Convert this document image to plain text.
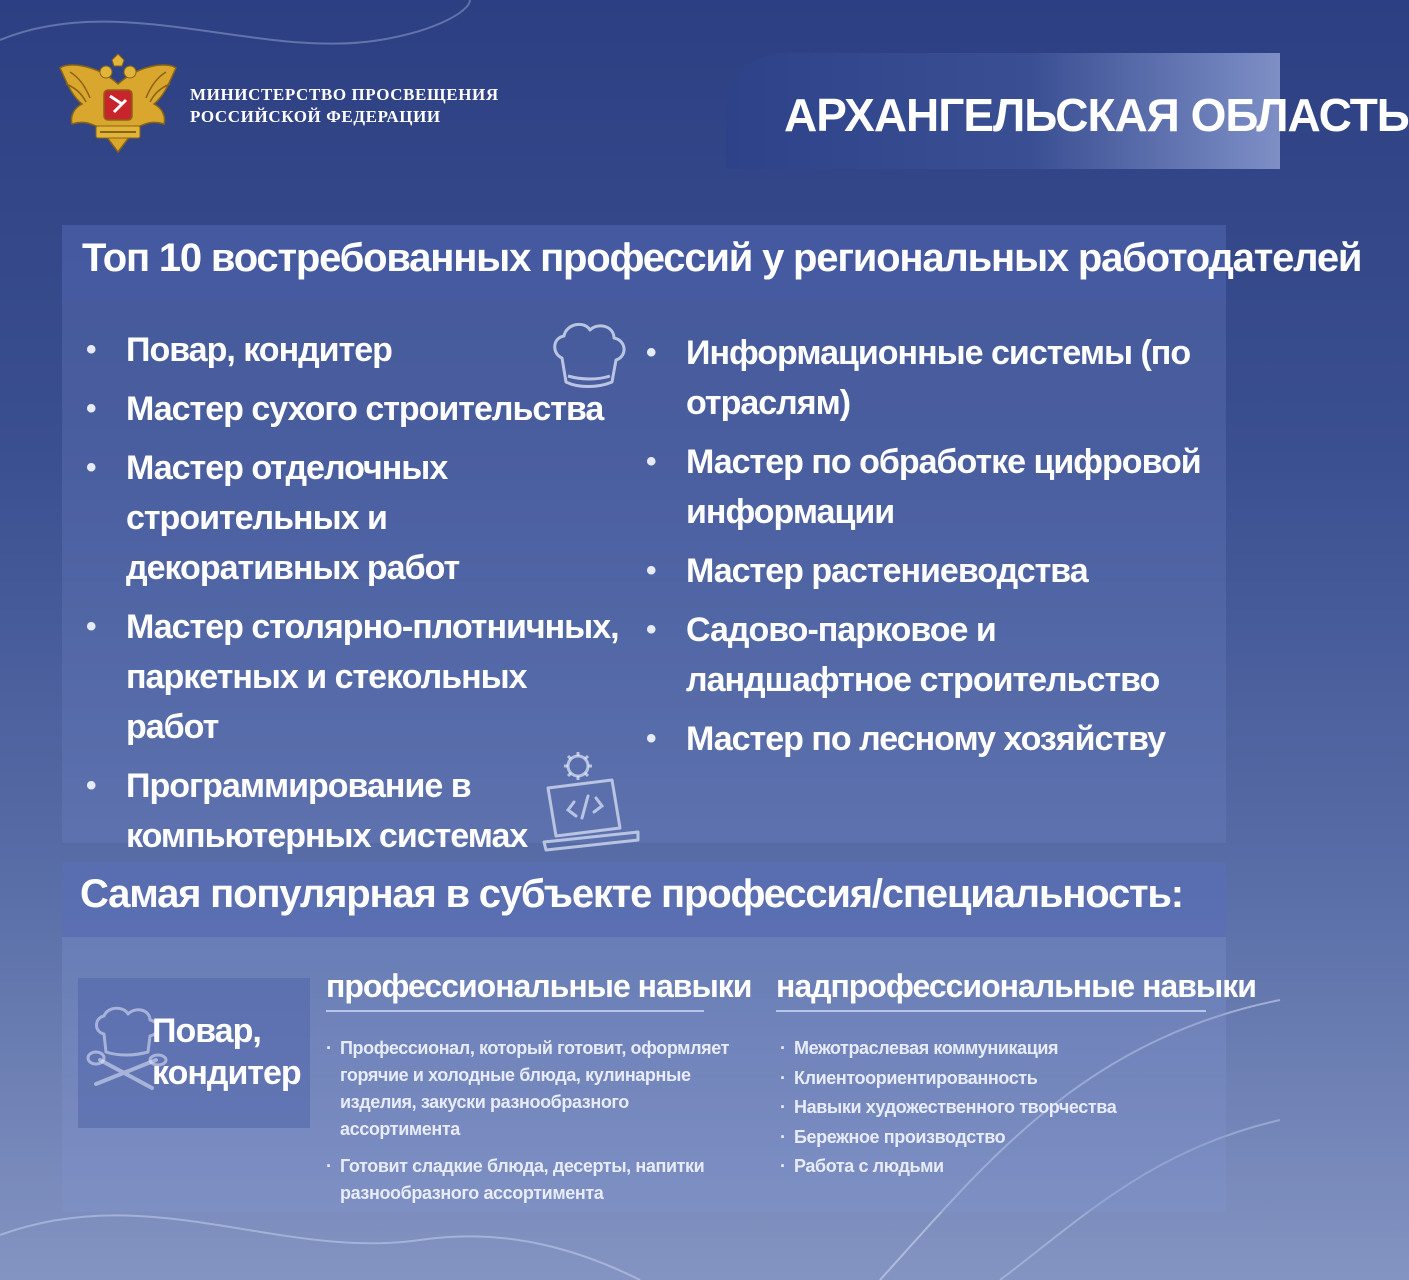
МИНИСТЕРСТВО ПРОСВЕЩЕНИЯ
РОССИЙСКОЙ ФЕДЕРАЦИИ	АРХАНГЕЛЬСКАЯ ОБЛАСТЬ
Топ 10 востребованных профессий у региональных работодателей
• Повар, кондитер
• Мастер сухого строительства
• Мастер отделочных строительных и декоративных работ
• Мастер столярно-плотничных, паркетных и стекольных работ
• Программирование в компьютерных системах
• Информационные системы (по отраслям)
• Мастер по обработке цифровой информации
• Мастер растениеводства
• Садово-парковое и ландшафтное строительство
• Мастер по лесному хозяйству
Самая популярная в субъекте профессия/специальность:
Повар,
кондитер
профессиональные навыки
· Профессионал, который готовит, оформляет горячие и холодные блюда, кулинарные изделия, закуски разнообразного ассортимента
· Готовит сладкие блюда, десерты, напитки разнообразного ассортимента
надпрофессиональные навыки
· Межотраслевая коммуникация
· Клиентоориентированность
· Навыки художественного творчества
· Бережное производство
· Работа с людьми
